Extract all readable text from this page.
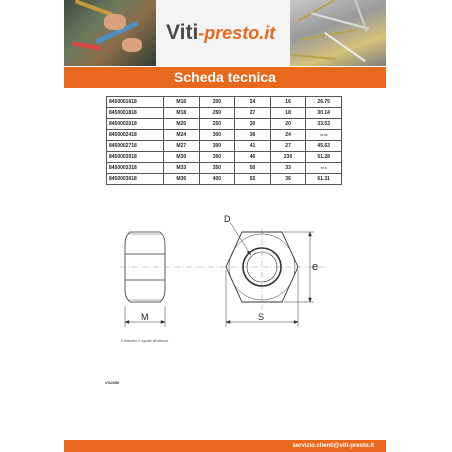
Viti-presto.it
Scheda tecnica
8450001618	M16	200	24	16	26.75
8450001818	M18	250	27	18	30.14
8450002018	M20	250	30	20	33.53
8450002418	M24	300	36	24	39.98
8450002718	M27	300	41	27	45.63
8450003018	M30	350	46	230	51.28
8450003318	M33	350	50	33	55.8
8450003618	M36	400	55	36	61.31
M
D
e
S
Il diametro è uguale all'altezza.
VS2450
servizio.clienti@viti-presto.it
